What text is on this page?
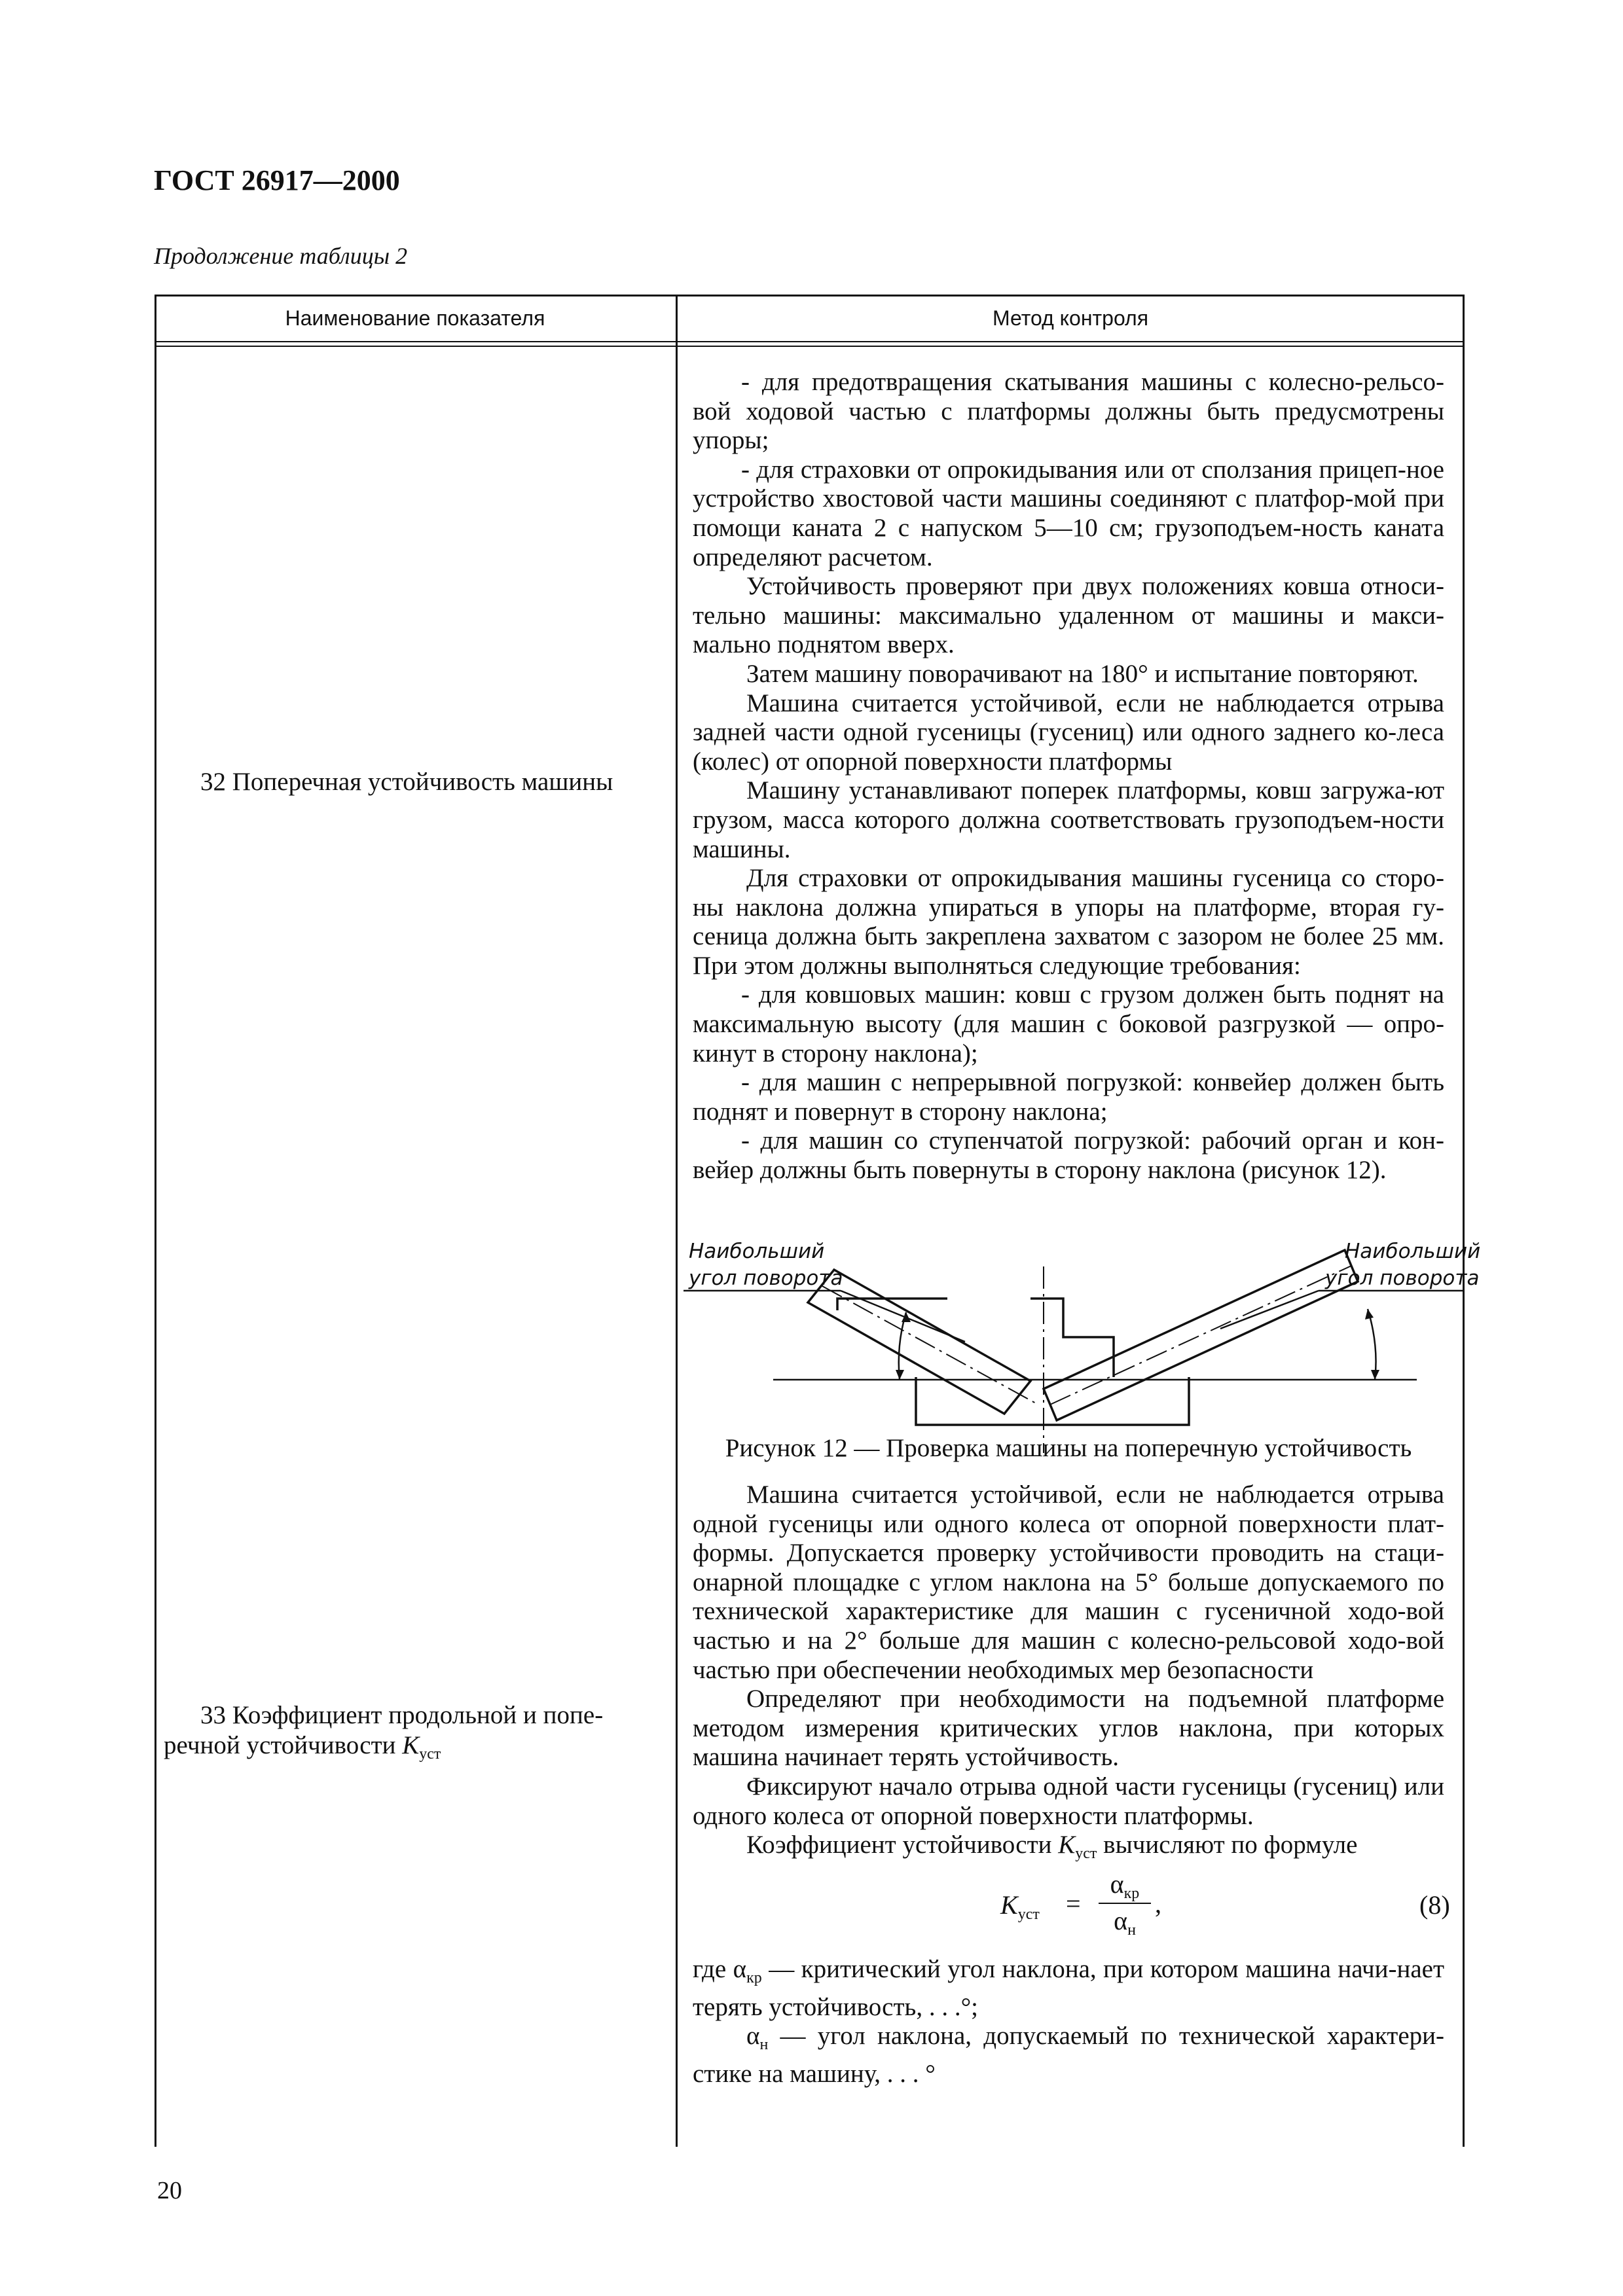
ГОСТ 26917—2000
Продолжение таблицы 2
Наименование показателя	Метод контроля
32 Поперечная устойчивость машины
33 Коэффициент продольной и попе-
речной устойчивости $K_{уст}$

- для предотвращения скатывания машины с колесно-рельсо-вой ходовой частью с платформы должны быть предусмотрены упоры;

- для страховки от опрокидывания или от сползания прицеп-ное устройство хвостовой части машины соединяют с платфор-мой при помощи каната 2 с напуском 5—10 см; грузоподъем-ность каната определяют расчетом.

Устойчивость проверяют при двух положениях ковша относи-тельно машины: максимально удаленном от машины и макси-мально поднятом вверх.

Затем машину поворачивают на 180° и испытание повторяют.

Машина считается устойчивой, если не наблюдается отрыва задней части одной гусеницы (гусениц) или одного заднего ко-леса (колес) от опорной поверхности платформы

Машину устанавливают поперек платформы, ковш загружа-ют грузом, масса которого должна соответствовать грузоподъем-ности машины.

Для страховки от опрокидывания машины гусеница со сторо-ны наклона должна упираться в упоры на платформе, вторая гу-сеница должна быть закреплена захватом с зазором не более 25 мм. При этом должны выполняться следующие требования:

- для ковшовых машин: ковш с грузом должен быть поднят на максимальную высоту (для машин с боковой разгрузкой — опро-кинут в сторону наклона);

- для машин с непрерывной погрузкой: конвейер должен быть поднят и повернут в сторону наклона;

- для машин со ступенчатой погрузкой: рабочий орган и кон-вейер должны быть повернуты в сторону наклона (рисунок 12).

Наибольший
угол поворота
Наибольший
угол поворота
Рисунок 12 — Проверка машины на поперечную устойчивость

Машина считается устойчивой, если не наблюдается отрыва одной гусеницы или одного колеса от опорной поверхности плат-формы. Допускается проверку устойчивости проводить на стаци-онарной площадке с углом наклона на 5° больше допускаемого по технической характеристике для машин с гусеничной ходо-вой частью и на 2° больше для машин с колесно-рельсовой ходо-вой частью при обеспечении необходимых мер безопасности

Определяют при необходимости на подъемной платформе методом измерения критических углов наклона, при которых машина начинает терять устойчивость.

Фиксируют начало отрыва одной части гусеницы (гусениц) или одного колеса от опорной поверхности платформы.

Коэффициент устойчивости $K_{уст}$ вычисляют по формуле

$K_{уст}$ =
$\alpha_{кр}$
$\alpha_н$
,	(8)

где $\alpha_{кр}$ — критический угол наклона, при котором машина начи-нает терять устойчивость, . . .°;

$\alpha_н$ — угол наклона, допускаемый по технической характери-стике на машину, . . . °

20
